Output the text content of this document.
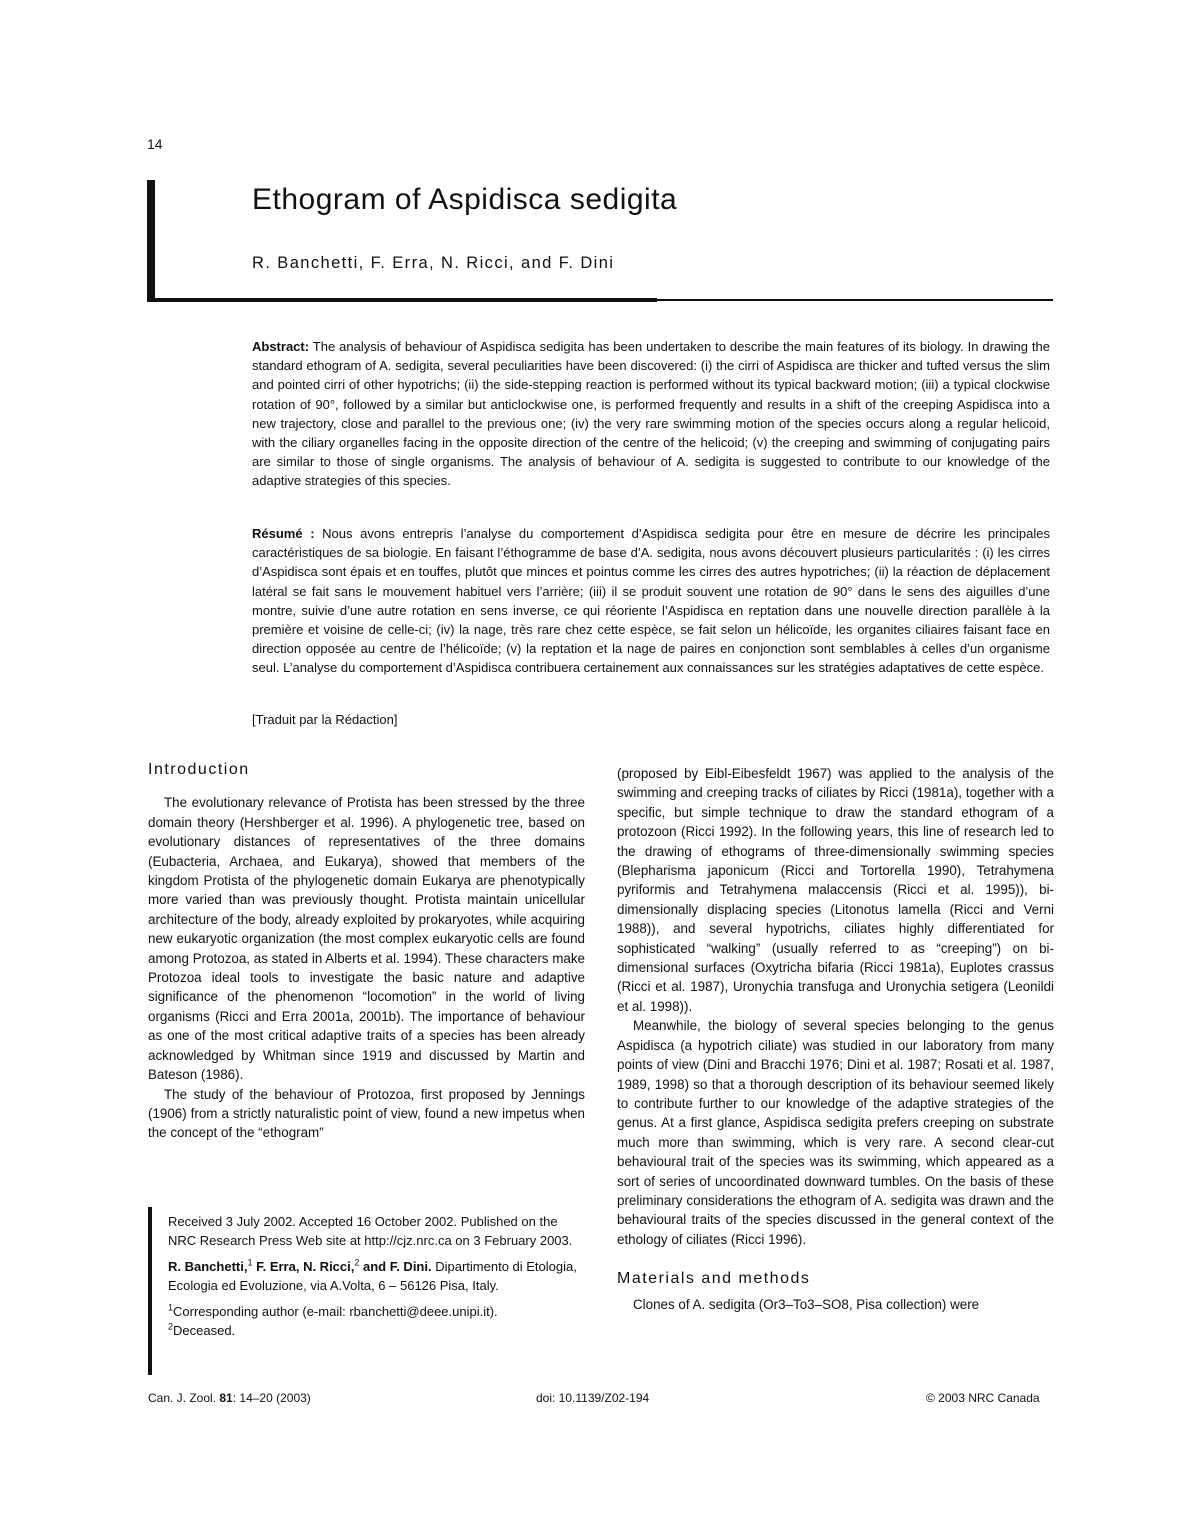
14
Ethogram of Aspidisca sedigita
R. Banchetti, F. Erra, N. Ricci, and F. Dini
Abstract: The analysis of behaviour of Aspidisca sedigita has been undertaken to describe the main features of its biology. In drawing the standard ethogram of A. sedigita, several peculiarities have been discovered: (i) the cirri of Aspidisca are thicker and tufted versus the slim and pointed cirri of other hypotrichs; (ii) the side-stepping reaction is performed without its typical backward motion; (iii) a typical clockwise rotation of 90°, followed by a similar but anticlockwise one, is performed frequently and results in a shift of the creeping Aspidisca into a new trajectory, close and parallel to the previous one; (iv) the very rare swimming motion of the species occurs along a regular helicoid, with the ciliary organelles facing in the opposite direction of the centre of the helicoid; (v) the creeping and swimming of conjugating pairs are similar to those of single organisms. The analysis of behaviour of A. sedigita is suggested to contribute to our knowledge of the adaptive strategies of this species.
Résumé : Nous avons entrepris l’analyse du comportement d’Aspidisca sedigita pour être en mesure de décrire les principales caractéristiques de sa biologie. En faisant l’éthogramme de base d’A. sedigita, nous avons découvert plusieurs particularités : (i) les cirres d’Aspidisca sont épais et en touffes, plutôt que minces et pointus comme les cirres des autres hypotriches; (ii) la réaction de déplacement latéral se fait sans le mouvement habituel vers l’arrière; (iii) il se produit souvent une rotation de 90° dans le sens des aiguilles d’une montre, suivie d’une autre rotation en sens inverse, ce qui réoriente l’Aspidisca en reptation dans une nouvelle direction parallèle à la première et voisine de celle-ci; (iv) la nage, très rare chez cette espèce, se fait selon un hélicoïde, les organites ciliaires faisant face en direction opposée au centre de l’hélicoïde; (v) la reptation et la nage de paires en conjonction sont semblables à celles d’un organisme seul. L’analyse du comportement d’Aspidisca contribuera certainement aux connaissances sur les stratégies adaptatives de cette espèce.
[Traduit par la Rédaction]
Introduction

The evolutionary relevance of Protista has been stressed by the three domain theory (Hershberger et al. 1996). A phylogenetic tree, based on evolutionary distances of representatives of the three domains (Eubacteria, Archaea, and Eukarya), showed that members of the kingdom Protista of the phylogenetic domain Eukarya are phenotypically more varied than was previously thought. Protista maintain unicellular architecture of the body, already exploited by prokaryotes, while acquiring new eukaryotic organization (the most complex eukaryotic cells are found among Protozoa, as stated in Alberts et al. 1994). These characters make Protozoa ideal tools to investigate the basic nature and adaptive significance of the phenomenon “locomotion” in the world of living organisms (Ricci and Erra 2001a, 2001b). The importance of behaviour as one of the most critical adaptive traits of a species has been already acknowledged by Whitman since 1919 and discussed by Martin and Bateson (1986).

The study of the behaviour of Protozoa, first proposed by Jennings (1906) from a strictly naturalistic point of view, found a new impetus when the concept of the “ethogram”

(proposed by Eibl-Eibesfeldt 1967) was applied to the analysis of the swimming and creeping tracks of ciliates by Ricci (1981a), together with a specific, but simple technique to draw the standard ethogram of a protozoon (Ricci 1992). In the following years, this line of research led to the drawing of ethograms of three-dimensionally swimming species (Blepharisma japonicum (Ricci and Tortorella 1990), Tetrahymena pyriformis and Tetrahymena malaccensis (Ricci et al. 1995)), bi-dimensionally displacing species (Litonotus lamella (Ricci and Verni 1988)), and several hypotrichs, ciliates highly differentiated for sophisticated “walking” (usually referred to as “creeping”) on bi-dimensional surfaces (Oxytricha bifaria (Ricci 1981a), Euplotes crassus (Ricci et al. 1987), Uronychia transfuga and Uronychia setigera (Leonildi et al. 1998)).

Meanwhile, the biology of several species belonging to the genus Aspidisca (a hypotrich ciliate) was studied in our laboratory from many points of view (Dini and Bracchi 1976; Dini et al. 1987; Rosati et al. 1987, 1989, 1998) so that a thorough description of its behaviour seemed likely to contribute further to our knowledge of the adaptive strategies of the genus. At a first glance, Aspidisca sedigita prefers creeping on substrate much more than swimming, which is very rare. A second clear-cut behavioural trait of the species was its swimming, which appeared as a sort of series of uncoordinated downward tumbles. On the basis of these preliminary considerations the ethogram of A. sedigita was drawn and the behavioural traits of the species discussed in the general context of the ethology of ciliates (Ricci 1996).

Materials and methods

Clones of A. sedigita (Or3–To3–SO8, Pisa collection) were

Received 3 July 2002. Accepted 16 October 2002. Published on the NRC Research Press Web site at http://cjz.nrc.ca on 3 February 2003.

R. Banchetti,$^1$ F. Erra, N. Ricci,$^2$ and F. Dini. Dipartimento di Etologia, Ecologia ed Evoluzione, via A.Volta, 6 – 56126 Pisa, Italy.

$^1$Corresponding author (e-mail: rbanchetti@deee.unipi.it).

$^2$Deceased.

Can. J. Zool. 81: 14–20 (2003)	doi: 10.1139/Z02-194	© 2003 NRC Canada
